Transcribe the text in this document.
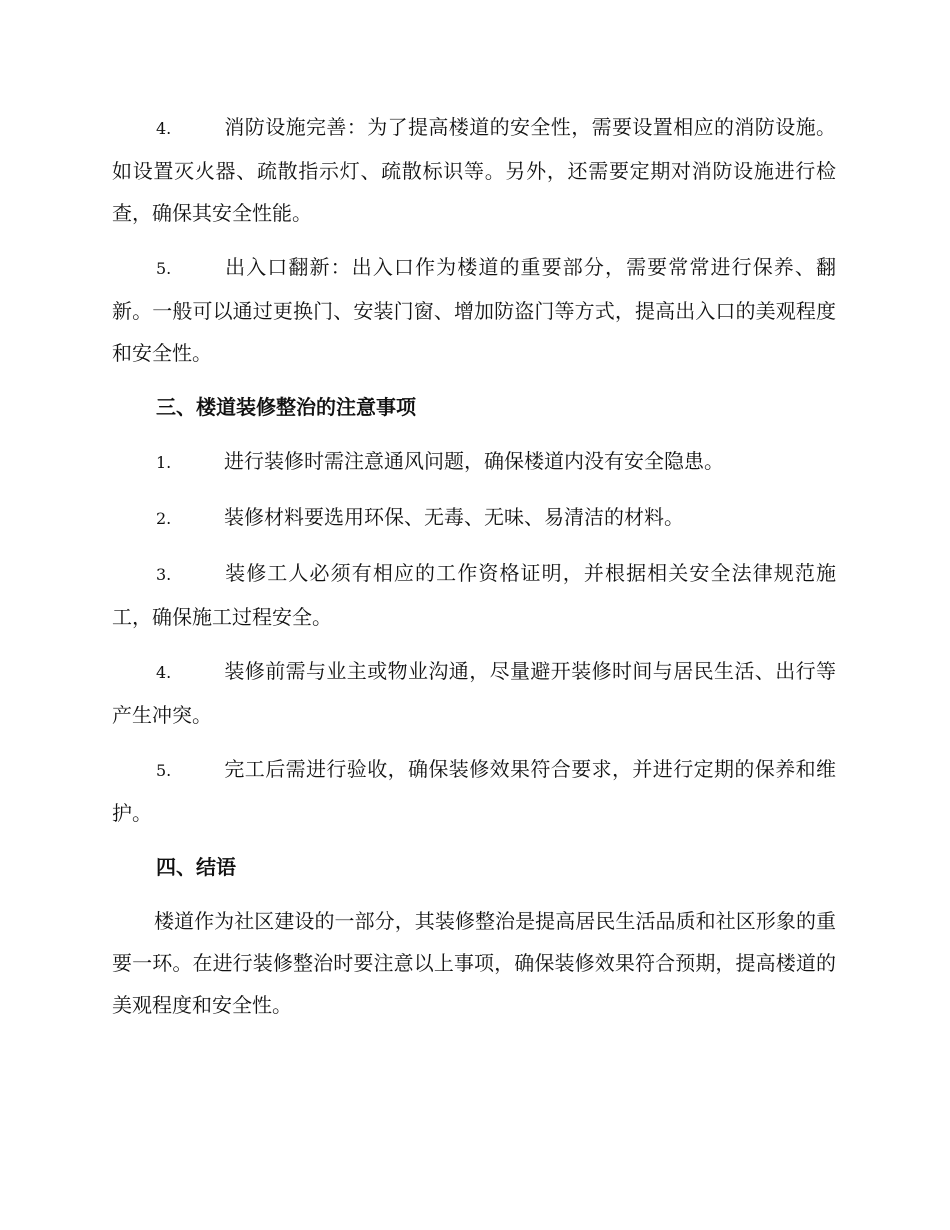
4.	消防设施完善：为了提高楼道的安全性，需要设置相应的消防设施。如设置灭火器、疏散指示灯、疏散标识等。另外，还需要定期对消防设施进行检查，确保其安全性能。

5.	出入口翻新：出入口作为楼道的重要部分，需要常常进行保养、翻新。一般可以通过更换门、安装门窗、增加防盗门等方式，提高出入口的美观程度和安全性。

三、楼道装修整治的注意事项

1.	进行装修时需注意通风问题，确保楼道内没有安全隐患。

2.	装修材料要选用环保、无毒、无味、易清洁的材料。

3.	装修工人必须有相应的工作资格证明，并根据相关安全法律规范施工，确保施工过程安全。

4.	装修前需与业主或物业沟通，尽量避开装修时间与居民生活、出行等产生冲突。

5.	完工后需进行验收，确保装修效果符合要求，并进行定期的保养和维护。

四、结语

楼道作为社区建设的一部分，其装修整治是提高居民生活品质和社区形象的重要一环。在进行装修整治时要注意以上事项，确保装修效果符合预期，提高楼道的美观程度和安全性。
